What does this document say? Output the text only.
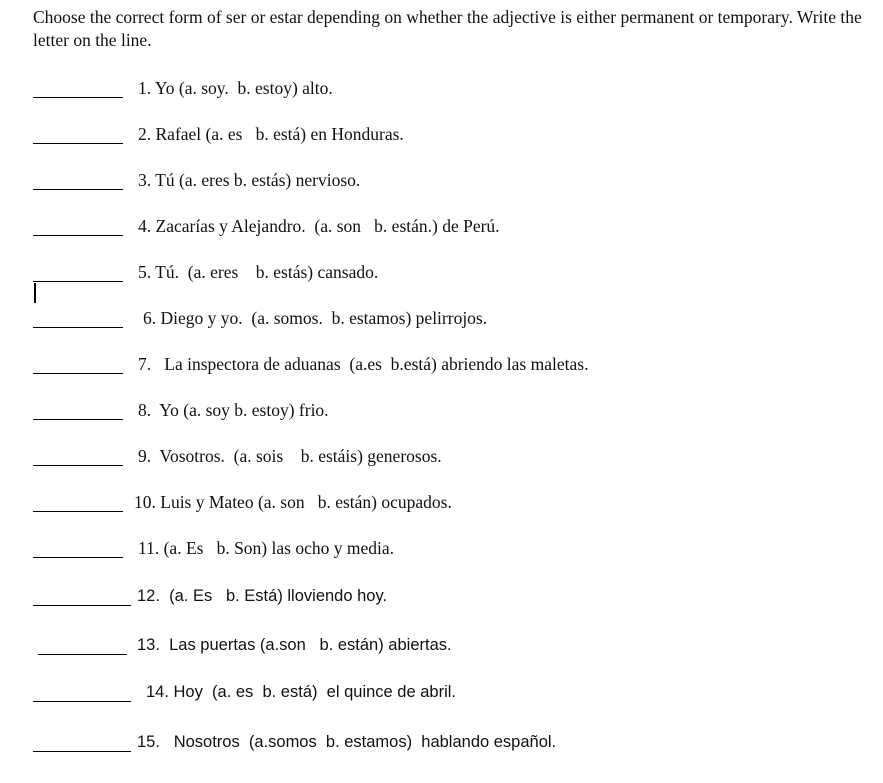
Choose the correct form of ser or estar depending on whether the adjective is either permanent or temporary. Write the letter on the line.
1. Yo (a. soy.  b. estoy) alto.
2. Rafael (a. es   b. está) en Honduras.
3. Tú (a. eres b. estás) nervioso.
4. Zacarías y Alejandro.  (a. son   b. están.) de Perú.
5. Tú.  (a. eres    b. estás) cansado.
6. Diego y yo.  (a. somos.  b. estamos) pelirrojos.
7.   La inspectora de aduanas  (a.es  b.está) abriendo las maletas.
8.  Yo (a. soy b. estoy) frio.
9.  Vosotros.  (a. sois    b. estáis) generosos.
10. Luis y Mateo (a. son   b. están) ocupados.
11. (a. Es   b. Son) las ocho y media.
12.  (a. Es   b. Está) lloviendo hoy.
13.  Las puertas (a.son   b. están) abiertas.
14. Hoy  (a. es  b. está)  el quince de abril.
15.   Nosotros  (a.somos  b. estamos)  hablando español.
